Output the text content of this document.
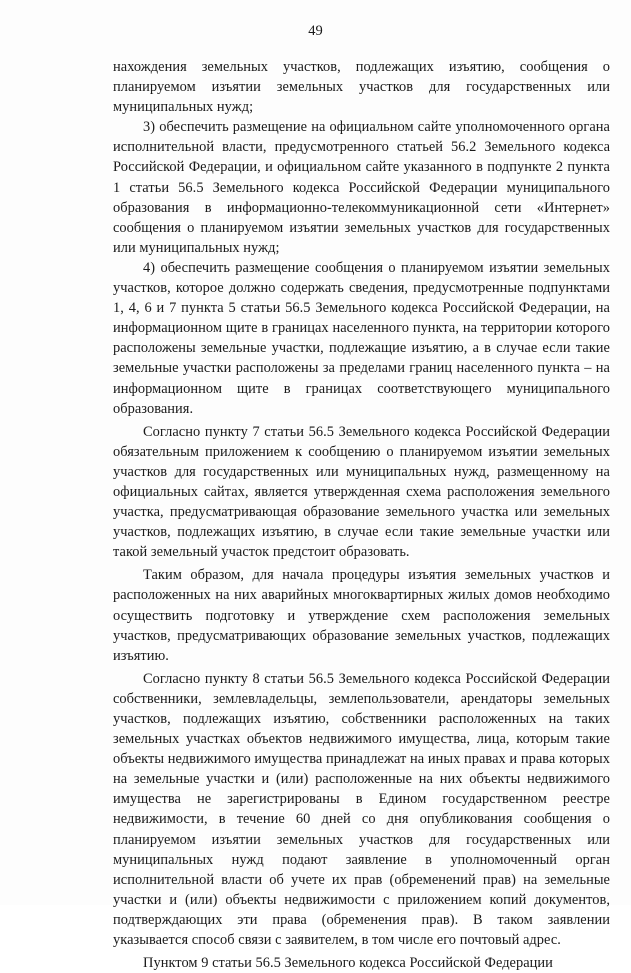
49

нахождения земельных участков, подлежащих изъятию, сообщения о планируемом изъятии земельных участков для государственных или муниципальных нужд;

3) обеспечить размещение на официальном сайте уполномоченного органа исполнительной власти, предусмотренного статьей 56.2 Земельного кодекса Российской Федерации, и официальном сайте указанного в подпункте 2 пункта 1 статьи 56.5 Земельного кодекса Российской Федерации муниципального образования в информационно-телекоммуникационной сети «Интернет» сообщения о планируемом изъятии земельных участков для государственных или муниципальных нужд;

4) обеспечить размещение сообщения о планируемом изъятии земельных участков, которое должно содержать сведения, предусмотренные подпунктами 1, 4, 6 и 7 пункта 5 статьи 56.5 Земельного кодекса Российской Федерации, на информационном щите в границах населенного пункта, на территории которого расположены земельные участки, подлежащие изъятию, а в случае если такие земельные участки расположены за пределами границ населенного пункта – на информационном щите в границах соответствующего муниципального образования.

Согласно пункту 7 статьи 56.5 Земельного кодекса Российской Федерации обязательным приложением к сообщению о планируемом изъятии земельных участков для государственных или муниципальных нужд, размещенному на официальных сайтах, является утвержденная схема расположения земельного участка, предусматривающая образование земельного участка или земельных участков, подлежащих изъятию, в случае если такие земельные участки или такой земельный участок предстоит образовать.

Таким образом, для начала процедуры изъятия земельных участков и расположенных на них аварийных многоквартирных жилых домов необходимо осуществить подготовку и утверждение схем расположения земельных участков, предусматривающих образование земельных участков, подлежащих изъятию.

Согласно пункту 8 статьи 56.5 Земельного кодекса Российской Федерации собственники, землевладельцы, землепользователи, арендаторы земельных участков, подлежащих изъятию, собственники расположенных на таких земельных участках объектов недвижимого имущества, лица, которым такие объекты недвижимого имущества принадлежат на иных правах и права которых на земельные участки и (или) расположенные на них объекты недвижимого имущества не зарегистрированы в Едином государственном реестре недвижимости, в течение 60 дней со дня опубликования сообщения о планируемом изъятии земельных участков для государственных или муниципальных нужд подают заявление в уполномоченный орган исполнительной власти об учете их прав (обременений прав) на земельные участки и (или) объекты недвижимости с приложением копий документов, подтверждающих эти права (обременения прав). В таком заявлении указывается способ связи с заявителем, в том числе его почтовый адрес.

Пунктом 9 статьи 56.5 Земельного кодекса Российской Федерации
